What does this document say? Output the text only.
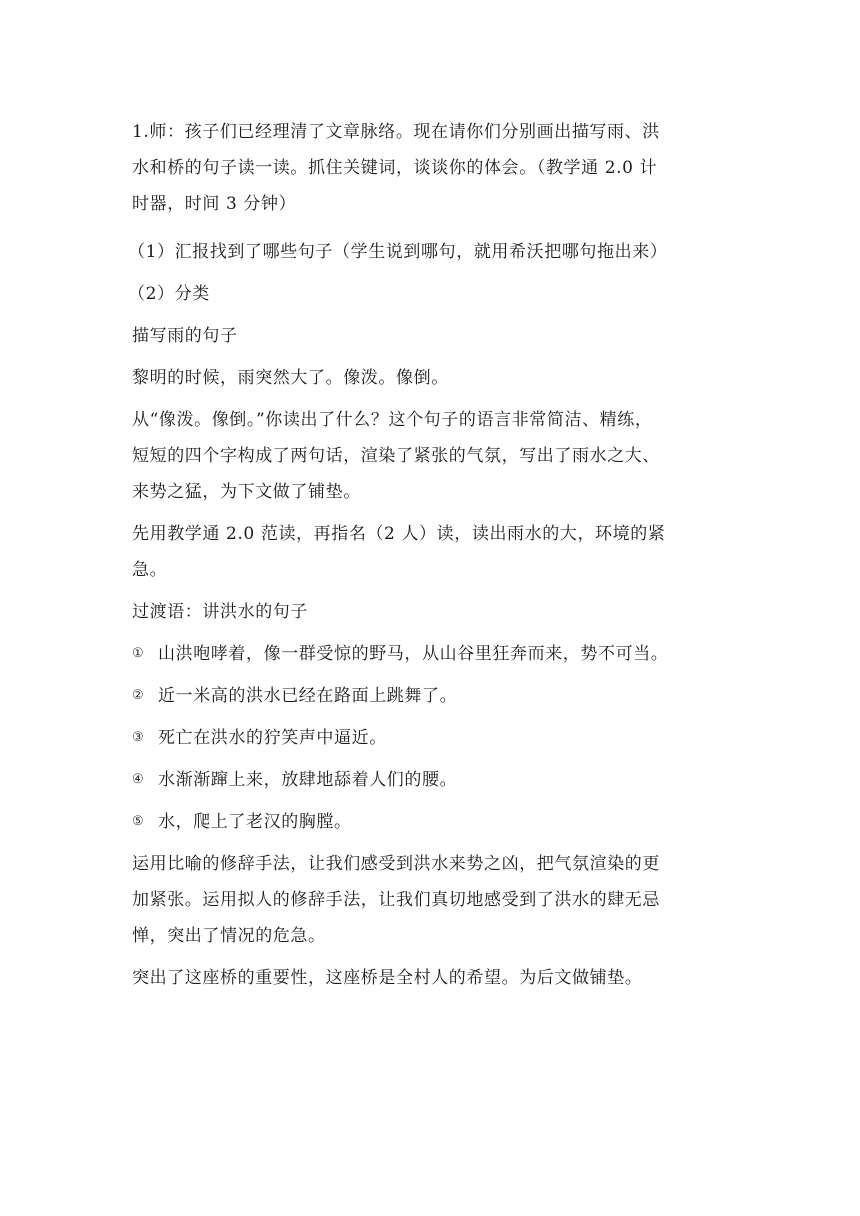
1.师：孩子们已经理清了文章脉络。现在请你们分别画出描写雨、洪
水和桥的句子读一读。抓住关键词，谈谈你的体会。（教学通 2.0 计
时器，时间 3 分钟）
（1）汇报找到了哪些句子（学生说到哪句，就用希沃把哪句拖出来）
（2）分类
描写雨的句子
黎明的时候，雨突然大了。像泼。像倒。
从“像泼。像倒。”你读出了什么？这个句子的语言非常简洁、精练，
短短的四个字构成了两句话，渲染了紧张的气氛，写出了雨水之大、
来势之猛，为下文做了铺垫。
先用教学通 2.0 范读，再指名（2 人）读，读出雨水的大，环境的紧
急。
过渡语：讲洪水的句子
① 山洪咆哮着，像一群受惊的野马，从山谷里狂奔而来，势不可当。
② 近一米高的洪水已经在路面上跳舞了。
③ 死亡在洪水的狞笑声中逼近。
④ 水渐渐蹿上来，放肆地舔着人们的腰。
⑤ 水，爬上了老汉的胸膛。
运用比喻的修辞手法，让我们感受到洪水来势之凶，把气氛渲染的更
加紧张。运用拟人的修辞手法，让我们真切地感受到了洪水的肆无忌
惮，突出了情况的危急。
突出了这座桥的重要性，这座桥是全村人的希望。为后文做铺垫。
